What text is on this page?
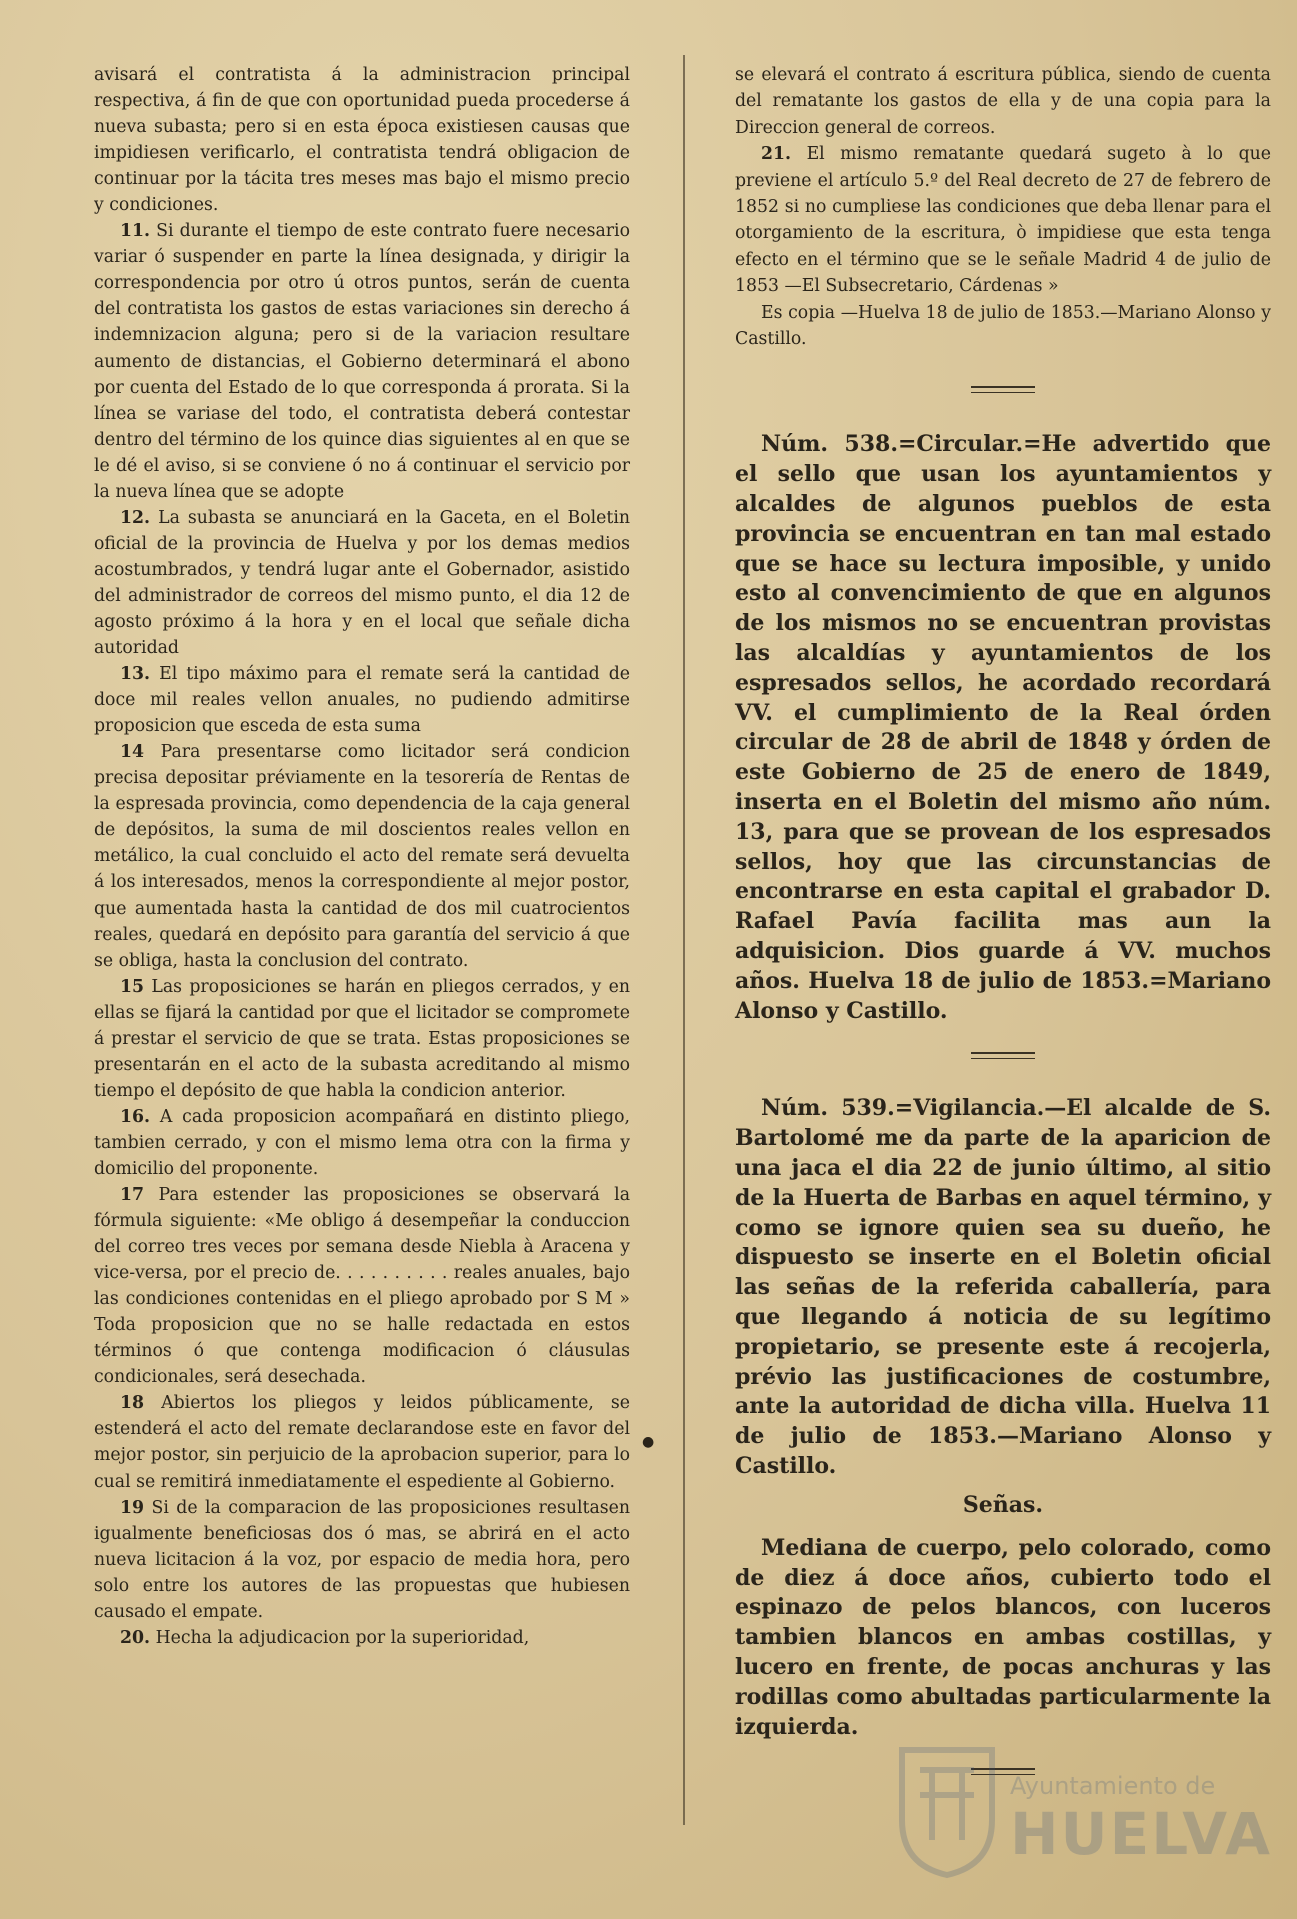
avisará el contratista á la administracion principal respectiva, á fin de que con oportunidad pueda procederse á nueva subasta; pero si en esta época existiesen causas que impidiesen verificarlo, el contratista tendrá obligacion de continuar por la tácita tres meses mas bajo el mismo precio y condiciones.

11. Si durante el tiempo de este contrato fuere necesario variar ó suspender en parte la línea designada, y dirigir la correspondencia por otro ú otros puntos, serán de cuenta del contratista los gastos de estas variaciones sin derecho á indemnizacion alguna; pero si de la variacion resultare aumento de distancias, el Gobierno determinará el abono por cuenta del Estado de lo que corresponda á prorata. Si la línea se variase del todo, el contratista deberá contestar dentro del término de los quince dias siguientes al en que se le dé el aviso, si se conviene ó no á continuar el servicio por la nueva línea que se adopte

12. La subasta se anunciará en la Gaceta, en el Boletin oficial de la provincia de Huelva y por los demas medios acostumbrados, y tendrá lugar ante el Gobernador, asistido del administrador de correos del mismo punto, el dia 12 de agosto próximo á la hora y en el local que señale dicha autoridad

13. El tipo máximo para el remate será la cantidad de doce mil reales vellon anuales, no pudiendo admitirse proposicion que esceda de esta suma

14 Para presentarse como licitador será condicion precisa depositar préviamente en la tesorería de Rentas de la espresada provincia, como dependencia de la caja general de depósitos, la suma de mil doscientos reales vellon en metálico, la cual concluido el acto del remate será devuelta á los interesados, menos la correspondiente al mejor postor, que aumentada hasta la cantidad de dos mil cuatrocientos reales, quedará en depósito para garantía del servicio á que se obliga, hasta la conclusion del contrato.

15 Las proposiciones se harán en pliegos cerrados, y en ellas se fijará la cantidad por que el licitador se compromete á prestar el servicio de que se trata. Estas proposiciones se presentarán en el acto de la subasta acreditando al mismo tiempo el depósito de que habla la condicion anterior.

16. A cada proposicion acompañará en distinto pliego, tambien cerrado, y con el mismo lema otra con la firma y domicilio del proponente.

17 Para estender las proposiciones se observará la fórmula siguiente: «Me obligo á desempeñar la conduccion del correo tres veces por semana desde Niebla à Aracena y vice-versa, por el precio de. . . . . . . . . . reales anuales, bajo las condiciones contenidas en el pliego aprobado por S M » Toda proposicion que no se halle redactada en estos términos ó que contenga modificacion ó cláusulas condicionales, será desechada.

18 Abiertos los pliegos y leidos públicamente, se estenderá el acto del remate declarandose este en favor del mejor postor, sin perjuicio de la aprobacion superior, para lo cual se remitirá inmediatamente el espediente al Gobierno.

19 Si de la comparacion de las proposiciones resultasen igualmente beneficiosas dos ó mas, se abrirá en el acto nueva licitacion á la voz, por espacio de media hora, pero solo entre los autores de las propuestas que hubiesen causado el empate.

20. Hecha la adjudicacion por la superioridad,

●

se elevará el contrato á escritura pública, siendo de cuenta del rematante los gastos de ella y de una copia para la Direccion general de correos.

21. El mismo rematante quedará sugeto à lo que previene el artículo 5.º del Real decreto de 27 de febrero de 1852 si no cumpliese las condiciones que deba llenar para el otorgamiento de la escritura, ò impidiese que esta tenga efecto en el término que se le señale Madrid 4 de julio de 1853 —El Subsecretario, Cárdenas »

Es copia —Huelva 18 de julio de 1853.—Mariano Alonso y Castillo.

Núm. 538.=Circular.=He advertido que el sello que usan los ayuntamientos y alcaldes de algunos pueblos de esta provincia se encuentran en tan mal estado que se hace su lectura imposible, y unido esto al convencimiento de que en algunos de los mismos no se encuentran provistas las alcaldías y ayuntamientos de los espresados sellos, he acordado recordará VV. el cumplimiento de la Real órden circular de 28 de abril de 1848 y órden de este Gobierno de 25 de enero de 1849, inserta en el Boletin del mismo año núm. 13, para que se provean de los espresados sellos, hoy que las circunstancias de encontrarse en esta capital el grabador D. Rafael Pavía facilita mas aun la adquisicion. Dios guarde á VV. muchos años. Huelva 18 de julio de 1853.=Mariano Alonso y Castillo.

Núm. 539.=Vigilancia.—El alcalde de S. Bartolomé me da parte de la aparicion de una jaca el dia 22 de junio último, al sitio de la Huerta de Barbas en aquel término, y como se ignore quien sea su dueño, he dispuesto se inserte en el Boletin oficial las señas de la referida caballería, para que llegando á noticia de su legítimo propietario, se presente este á recojerla, prévio las justificaciones de costumbre, ante la autoridad de dicha villa. Huelva 11 de julio de 1853.—Mariano Alonso y Castillo.

Señas.

Mediana de cuerpo, pelo colorado, como de diez á doce años, cubierto todo el espinazo de pelos blancos, con luceros tambien blancos en ambas costillas, y lucero en frente, de pocas anchuras y las rodillas como abultadas particularmente la izquierda.

Ayuntamiento de
HUELVA
